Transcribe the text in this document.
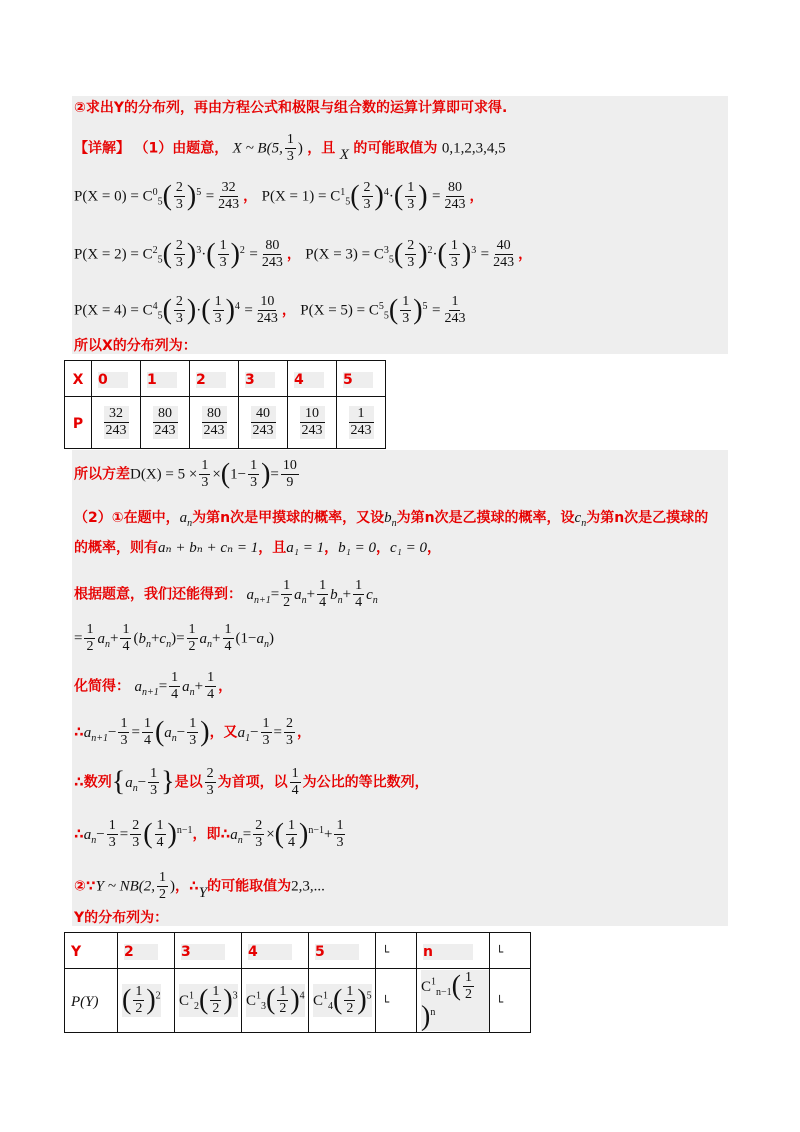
②求出Y的分布列，再由方程公式和极限与组合数的运算计算即可求得.
【详解】 （1）由题意， X ~ B(5, $\frac{1}{3}$ ) ，且 X 的可能取值为 0,1,2,3,4,5
$P(X = 0) = C^0_5( \frac{2}{3} )^5 = \frac{32}{243}$ ， $P(X = 1) = C^1_5( \frac{2}{3} )^4\cdot( \frac{1}{3}$ ) = $\frac{80}{243}$ ，
$P(X = 2) = C^2_5( \frac{2}{3} )^3\cdot( \frac{1}{3} )^2 = \frac{80}{243}$ ， $P(X = 3) = C^3_5( \frac{2}{3} )^2\cdot( \frac{1}{3} )^3 = \frac{40}{243}$ ，
$P(X = 4) = C^4_5( \frac{2}{3}$ )·( $\frac{1}{3} )^4 = \frac{10}{243}$ ， $P(X = 5) = C^5_5( \frac{1}{3} )^5 = \frac{1}{243}$
所以X的分布列为：
X	0	1	2	3	4	5
P	$\frac{32}{243}$	$\frac{80}{243}$	$\frac{80}{243}$	$\frac{40}{243}$	$\frac{10}{243}$	$\frac{1}{243}$
所以方差$D(X) = 5 \times \frac{1}{3} \times(1- \frac{1}{3}$ )= $\frac{10}{9}$
（2）①在题中，$a_n$为第n次是甲摸球的概率，又设$b_n$为第n次是乙摸球的概率，设$c_n$为第n次是乙摸球的
的概率，则有aₙ + bₙ + cₙ = 1，且a₁ = 1，b₁ = 0，c₁ = 0，
根据题意，我们还能得到： $a_{n+1}= \frac{1}{2} a_n+ \frac{1}{4} b_n+ \frac{1}{4} c_n$
= $\frac{1}{2} a_n+ \frac{1}{4} (b_n+c_n)= \frac{1}{2} a_n+ \frac{1}{4} (1-a_n)$
化简得： $a_{n+1}= \frac{1}{4} a_n+ \frac{1}{4}$ ，
$\therefore a_{n+1}- \frac{1}{3} = \frac{1}{4} (a_n- \frac{1}{3}$ )，又$a_1- \frac{1}{3} = \frac{2}{3}$ ，
∴数列{$a_n- \frac{1}{3}$ }是以 $\frac{2}{3}$ 为首项，以 $\frac{1}{4}$ 为公比的等比数列，
$\therefore a_n- \frac{1}{3} = \frac{2}{3}$ ( $\frac{1}{4} )^{n-1}$，即$\therefore a_n= \frac{2}{3}$ ×( $\frac{1}{4} )^{n-1}+ \frac{1}{3}$
②∵Y ~ NB(2, $\frac{1}{2}$ )，∴Y的可能取值为2,3,...
Y的分布列为：
Y	2	3	4	5	└	n	└
P(Y)	( $\frac{1}{2} )^2$	$C^1_2( \frac{1}{2} )^3$	$C^1_3( \frac{1}{2} )^4$	$C^1_4( \frac{1}{2} )^5$	└	$C^1_{n-1}( \frac{1}{2}$
)$^n$	└
